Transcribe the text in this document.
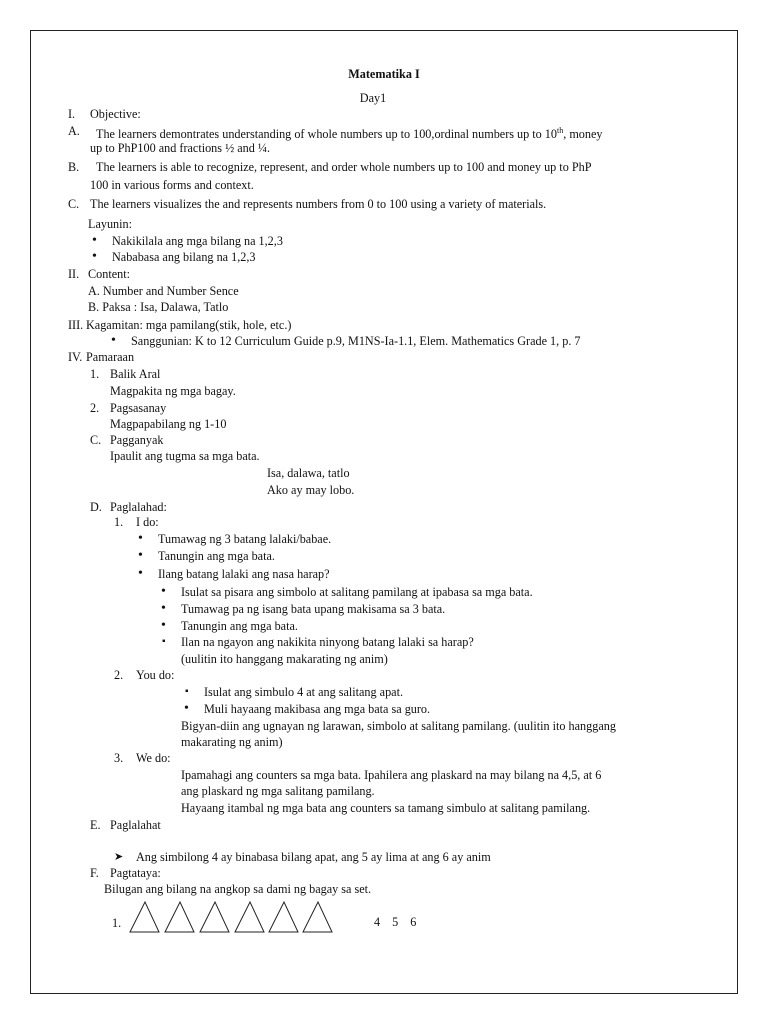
Matematika I
Day1
I. Objective:
A. The learners demontrates understanding of whole numbers up to 100,ordinal numbers up to 10th, money
up to PhP100 and fractions ½ and ¼.
B. The learners is able to recognize, represent, and order whole numbers up to 100 and money up to PhP
100 in various forms and context.
C. The learners visualizes the and represents numbers from 0 to 100 using a variety of materials.
Layunin:
• Nakikilala ang mga bilang na 1,2,3
• Nababasa ang bilang na 1,2,3
II. Content:
A. Number and Number Sence
B. Paksa : Isa, Dalawa, Tatlo
III. Kagamitan: mga pamilang(stik, hole, etc.)
• Sanggunian: K to 12 Curriculum Guide p.9, M1NS-Ia-1.1, Elem. Mathematics Grade 1, p. 7
IV. Pamaraan
1. Balik Aral
Magpakita ng mga bagay.
2. Pagsasanay
Magpapabilang ng 1-10
C. Pagganyak
Ipaulit ang tugma sa mga bata.
Isa, dalawa, tatlo
Ako ay may lobo.
D. Paglalahad:
1. I do:
• Tumawag ng 3 batang lalaki/babae.
• Tanungin ang mga bata.
• Ilang batang lalaki ang nasa harap?
• Isulat sa pisara ang simbolo at salitang pamilang at ipabasa sa mga bata.
• Tumawag pa ng isang bata upang makisama sa 3 bata.
• Tanungin ang mga bata.
▪ Ilan na ngayon ang nakikita ninyong batang lalaki sa harap?
(uulitin ito hanggang makarating ng anim)
2. You do:
▪ Isulat ang simbulo 4 at ang salitang apat.
• Muli hayaang makibasa ang mga bata sa guro.
Bigyan-diin ang ugnayan ng larawan, simbolo at salitang pamilang. (uulitin ito hanggang
makarating ng anim)
3. We do:
Ipamahagi ang counters sa mga bata. Ipahilera ang plaskard na may bilang na 4,5, at 6
ang plaskard ng mga salitang pamilang.
Hayaang itambal ng mga bata ang counters sa tamang simbulo at salitang pamilang.
E. Paglalahat
➤ Ang simbilong 4 ay binabasa bilang apat, ang 5 ay lima at ang 6 ay anim
F. Pagtataya:
Bilugan ang bilang na angkop sa dami ng bagay sa set.
1.	4 5 6
